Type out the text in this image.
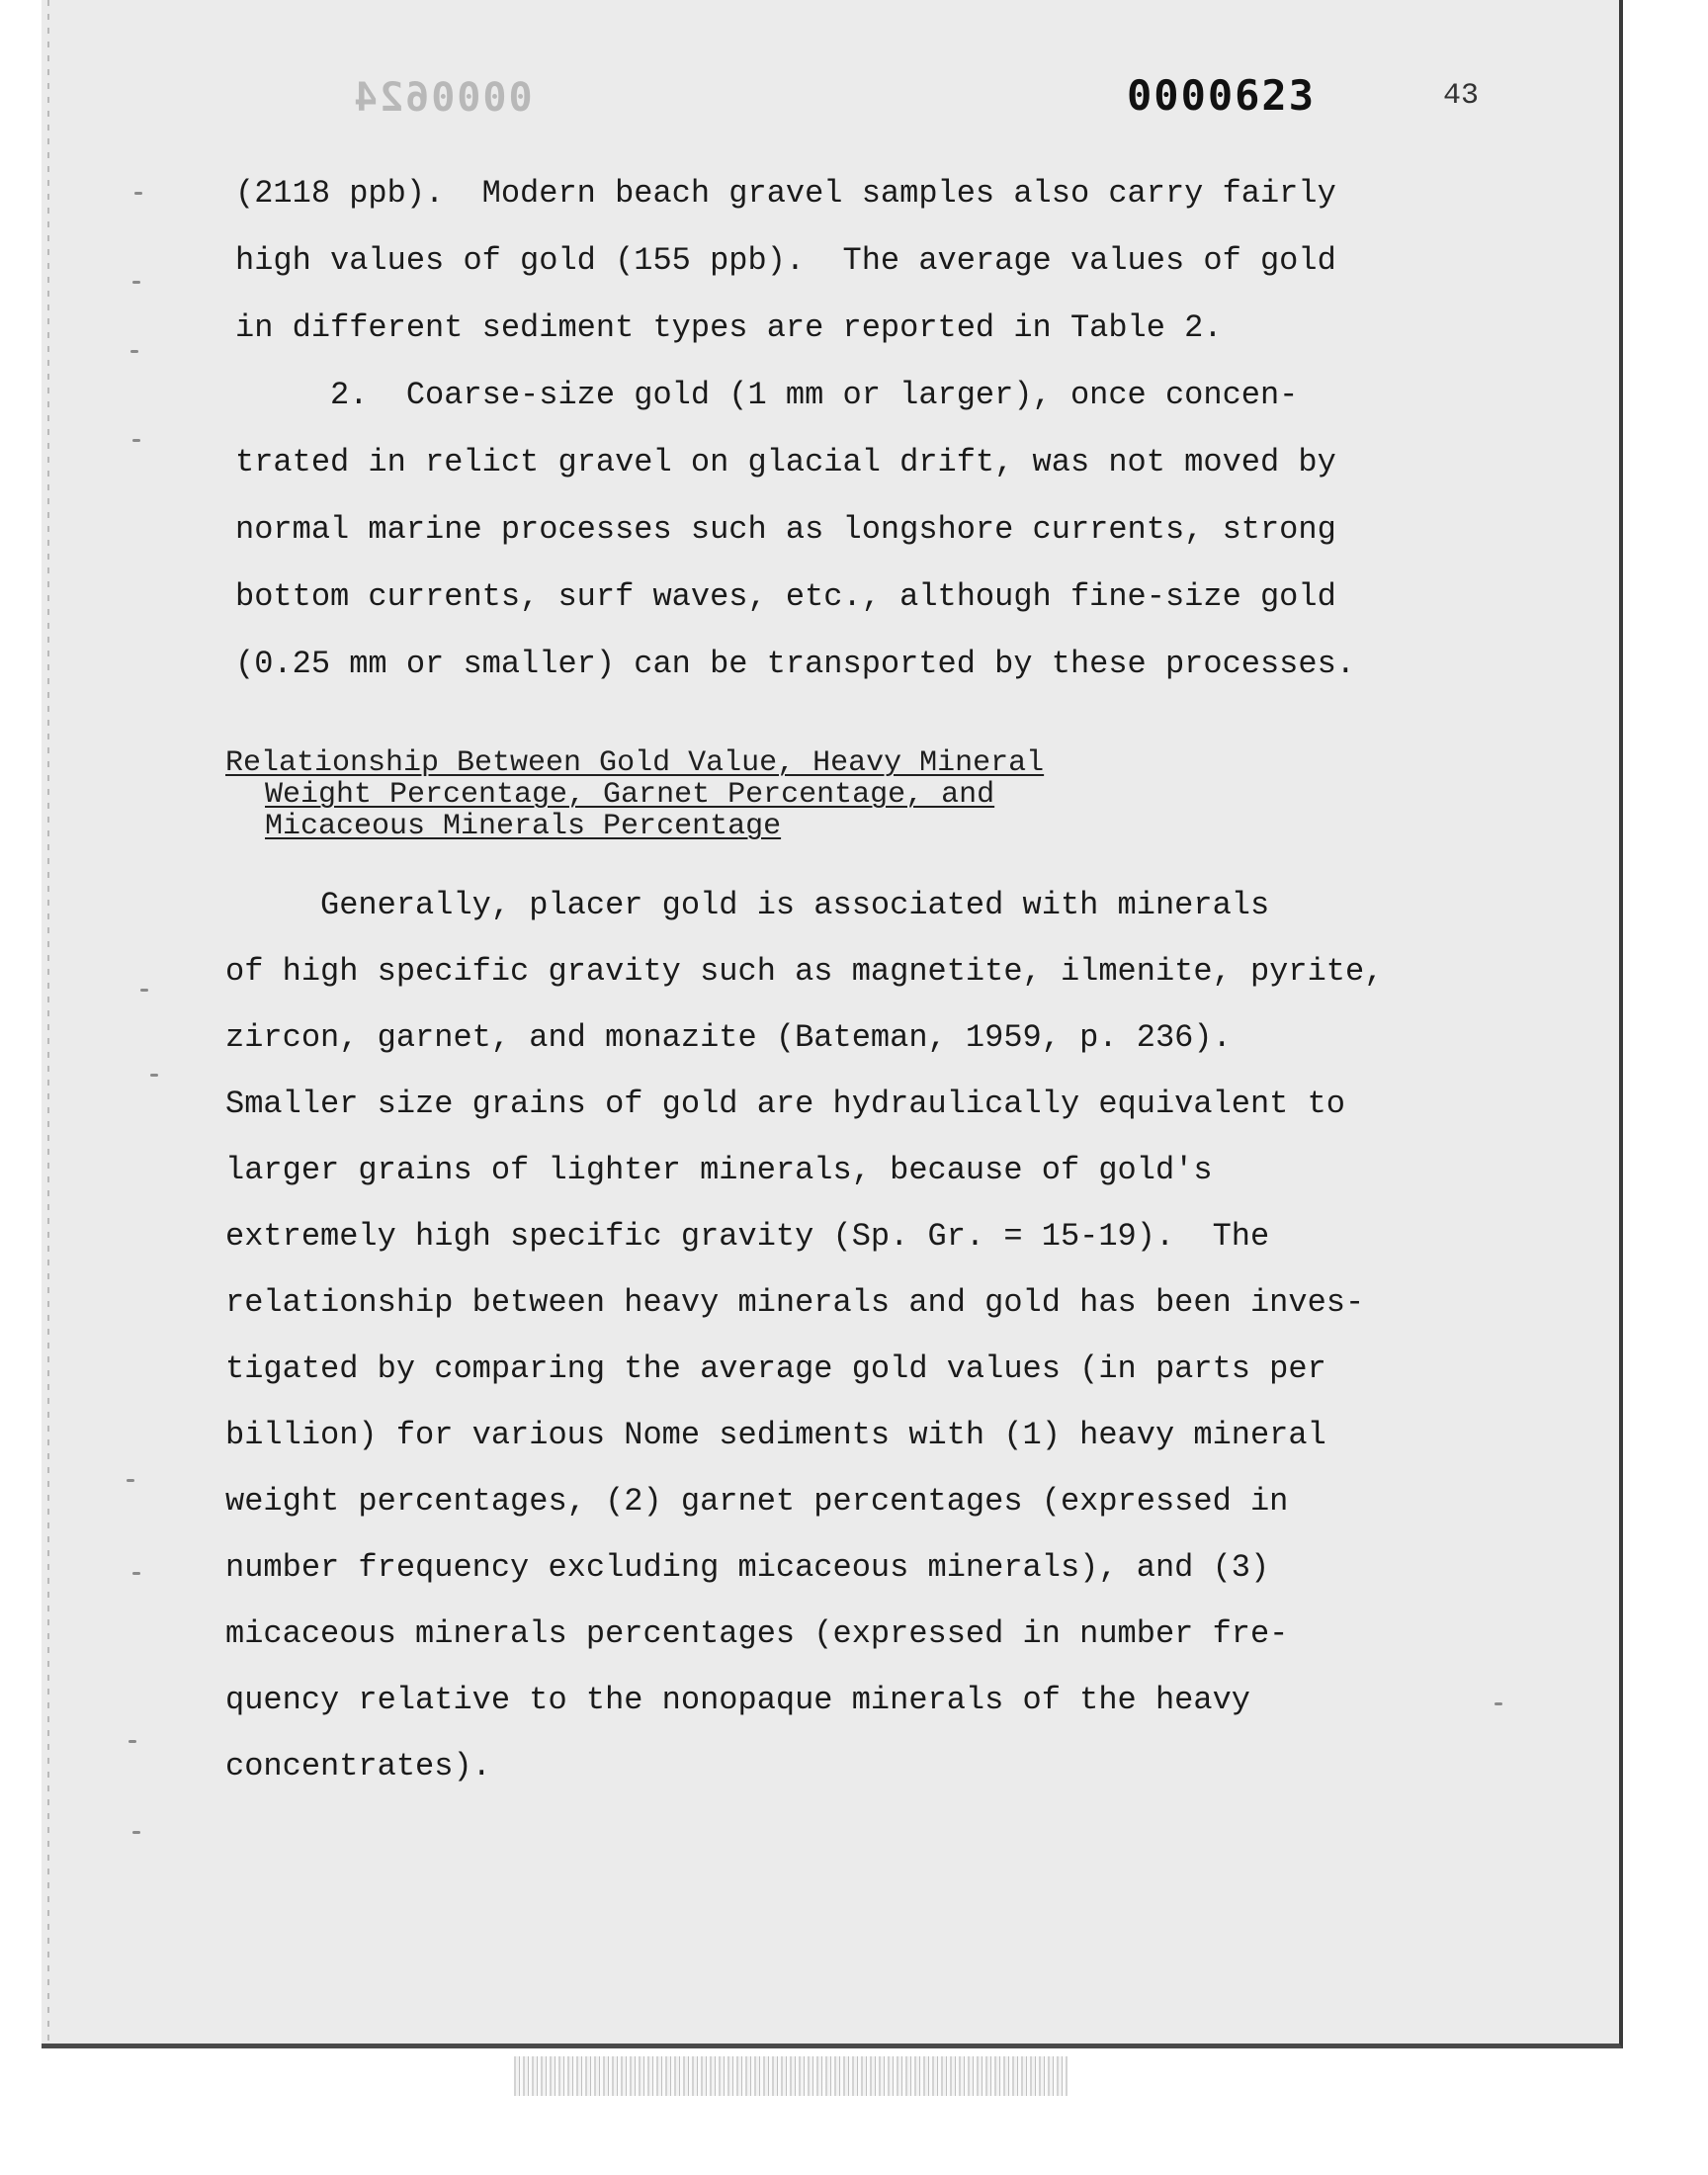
0000624	0000623	43
(2118 ppb).  Modern beach gravel samples also carry fairly
high values of gold (155 ppb).  The average values of gold
in different sediment types are reported in Table 2.
2.  Coarse-size gold (1 mm or larger), once concen-
trated in relict gravel on glacial drift, was not moved by
normal marine processes such as longshore currents, strong
bottom currents, surf waves, etc., although fine-size gold
(0.25 mm or smaller) can be transported by these processes.
Relationship Between Gold Value, Heavy Mineral
Weight Percentage, Garnet Percentage, and
Micaceous Minerals Percentage
Generally, placer gold is associated with minerals
of high specific gravity such as magnetite, ilmenite, pyrite,
zircon, garnet, and monazite (Bateman, 1959, p. 236).
Smaller size grains of gold are hydraulically equivalent to
larger grains of lighter minerals, because of gold's
extremely high specific gravity (Sp. Gr. = 15-19).  The
relationship between heavy minerals and gold has been inves-
tigated by comparing the average gold values (in parts per
billion) for various Nome sediments with (1) heavy mineral
weight percentages, (2) garnet percentages (expressed in
number frequency excluding micaceous minerals), and (3)
micaceous minerals percentages (expressed in number fre-
quency relative to the nonopaque minerals of the heavy
concentrates).
